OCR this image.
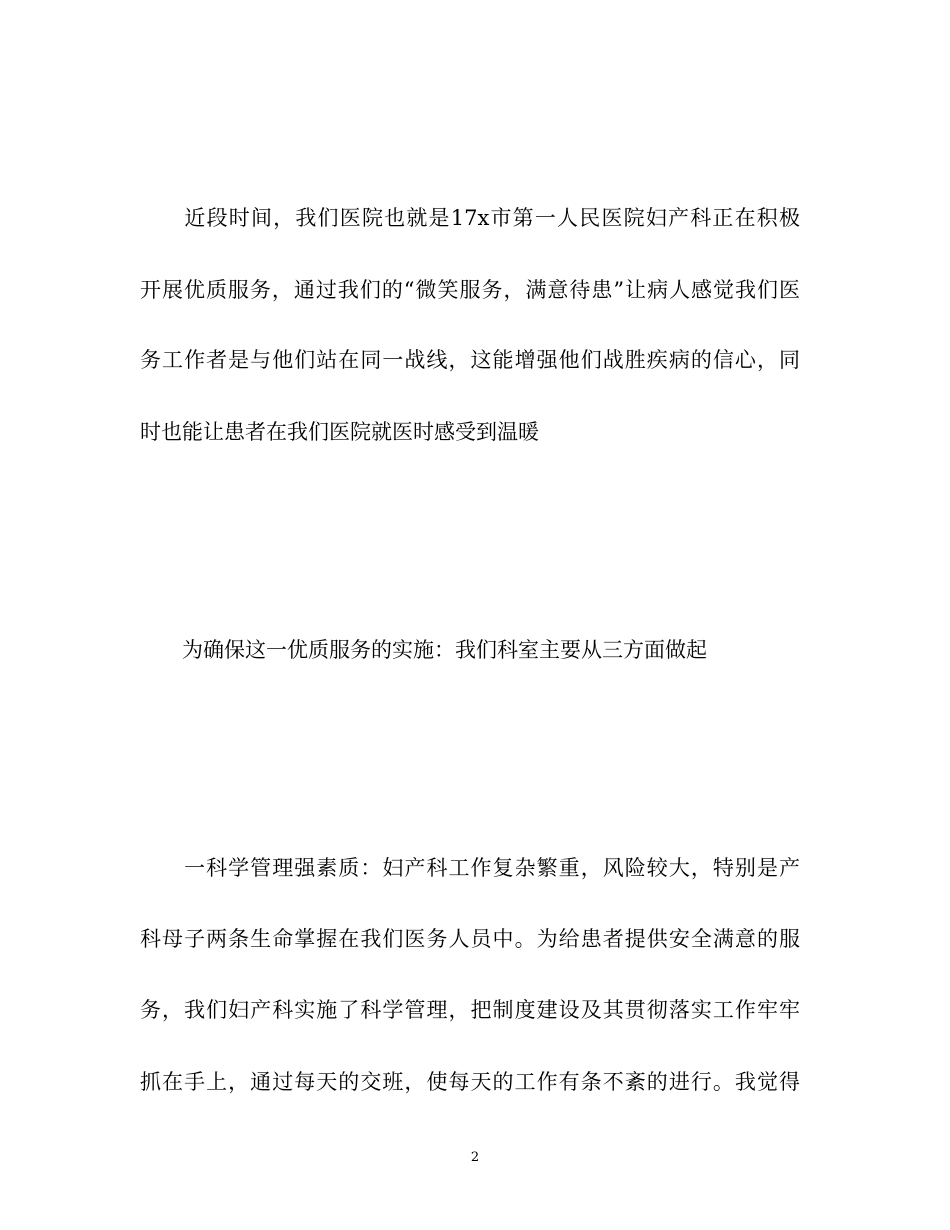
　　近段时间，我们医院也就是17x市第一人民医院妇产科正在积极
开展优质服务，通过我们的“微笑服务，满意待患”让病人感觉我们医
务工作者是与他们站在同一战线，这能增强他们战胜疾病的信心，同
时也能让患者在我们医院就医时感受到温暖
　　为确保这一优质服务的实施：我们科室主要从三方面做起
　　一科学管理强素质：妇产科工作复杂繁重，风险较大，特别是产
科母子两条生命掌握在我们医务人员中。为给患者提供安全满意的服
务，我们妇产科实施了科学管理，把制度建设及其贯彻落实工作牢牢
抓在手上，通过每天的交班，使每天的工作有条不紊的进行。我觉得
2
